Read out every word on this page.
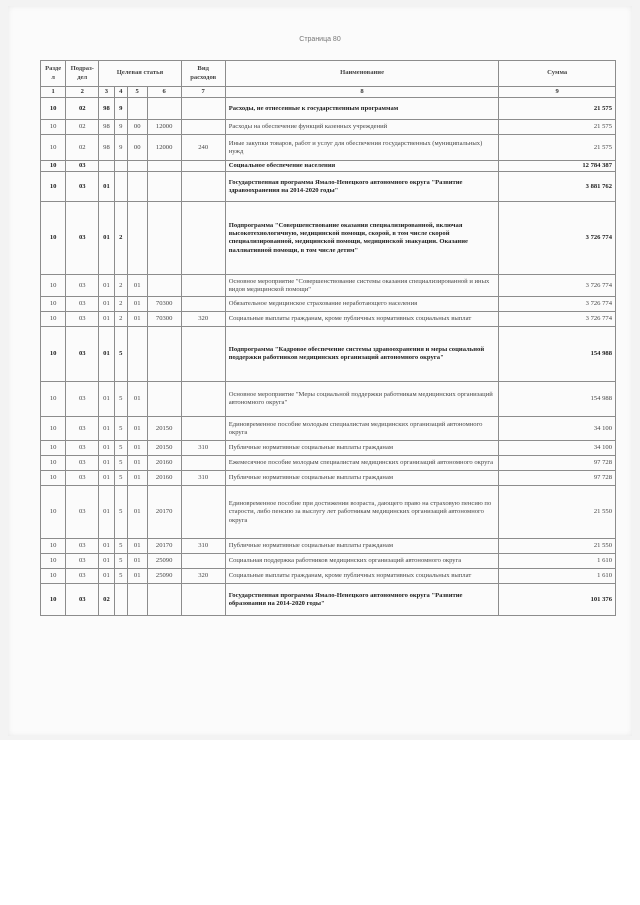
Страница 80
Разде л	Подраз-дел	Целевая статья				Вид расходов	Наименование	Сумма
1	2	3	4	5	6	7	8	9
10	02	98	9				Расходы, не отнесенные к государственным программам	21 575
10	02	98	9	00	12000		Расходы на обеспечение функций казенных учреждений	21 575
10	02	98	9	00	12000	240	Иные закупки товаров, работ и услуг для обеспечения государственных (муниципальных) нужд	21 575
10	03						Социальное обеспечение населения	12 784 387
10	03	01					Государственная программа Ямало-Ненецкого автономного округа "Развитие здравоохранения на 2014-2020 годы"	3 881 762
10	03	01	2				Подпрограмма "Совершенствование оказания специализированной, включая высокотехнологичную, медицинской помощи, скорой, в том числе скорой специализированной, медицинской помощи, медицинской эвакуации. Оказание паллиативной помощи, в том числе детям"	3 726 774
10	03	01	2	01			Основное мероприятие "Совершенствование системы оказания специализированной и иных видов медицинской помощи"	3 726 774
10	03	01	2	01	70300		Обязательное медицинское страхование неработающего населения	3 726 774
10	03	01	2	01	70300	320	Социальные выплаты гражданам, кроме публичных нормативных социальных выплат	3 726 774
10	03	01	5				Подпрограмма "Кадровое обеспечение системы здравоохранения и меры социальной поддержки работников медицинских организаций автономного округа"	154 988
10	03	01	5	01			Основное мероприятие "Меры социальной поддержки работникам медицинских организаций автономного округа"	154 988
10	03	01	5	01	20150		Единовременное пособие молодым специалистам медицинских организаций автономного округа	34 100
10	03	01	5	01	20150	310	Публичные нормативные социальные выплаты гражданам	34 100
10	03	01	5	01	20160		Ежемесячное пособие молодым специалистам медицинских организаций автономного округа	97 728
10	03	01	5	01	20160	310	Публичные нормативные социальные выплаты гражданам	97 728
10	03	01	5	01	20170		Единовременное пособие при достижении возраста, дающего право на страховую пенсию по старости, либо пенсию за выслугу лет работникам медицинских организаций автономного округа	21 550
10	03	01	5	01	20170	310	Публичные нормативные социальные выплаты гражданам	21 550
10	03	01	5	01	25090		Социальная поддержка работников медицинских организаций автономного округа	1 610
10	03	01	5	01	25090	320	Социальные выплаты гражданам, кроме публичных нормативных социальных выплат	1 610
10	03	02					Государственная программа Ямало-Ненецкого автономного округа "Развитие образования на 2014-2020 годы"	101 376
